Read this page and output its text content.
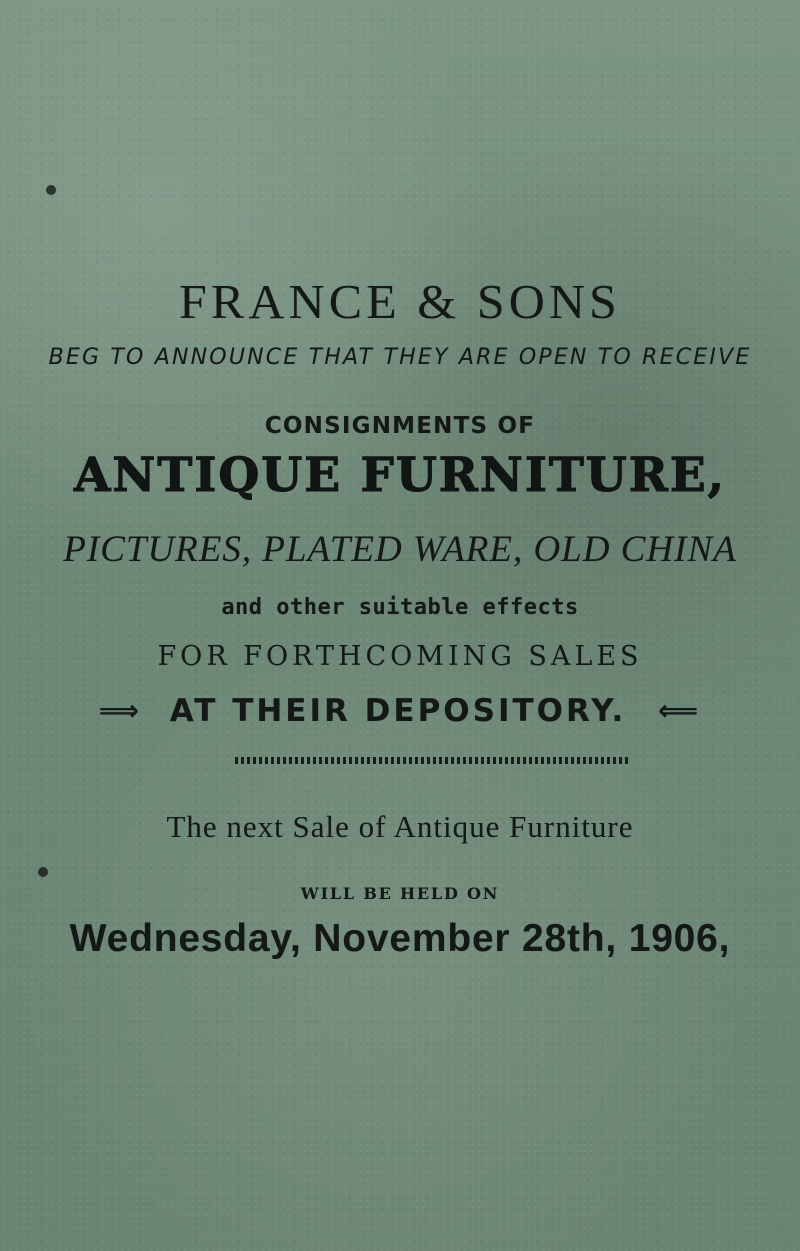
FRANCE & SONS
BEG TO ANNOUNCE THAT THEY ARE OPEN TO RECEIVE
CONSIGNMENTS OF
ANTIQUE FURNITURE,
PICTURES, PLATED WARE, OLD CHINA
and other suitable effects
FOR FORTHCOMING SALES
⟹ AT THEIR DEPOSITORY. ⟸
The next Sale of Antique Furniture
WILL BE HELD ON
Wednesday, November 28th, 1906,
